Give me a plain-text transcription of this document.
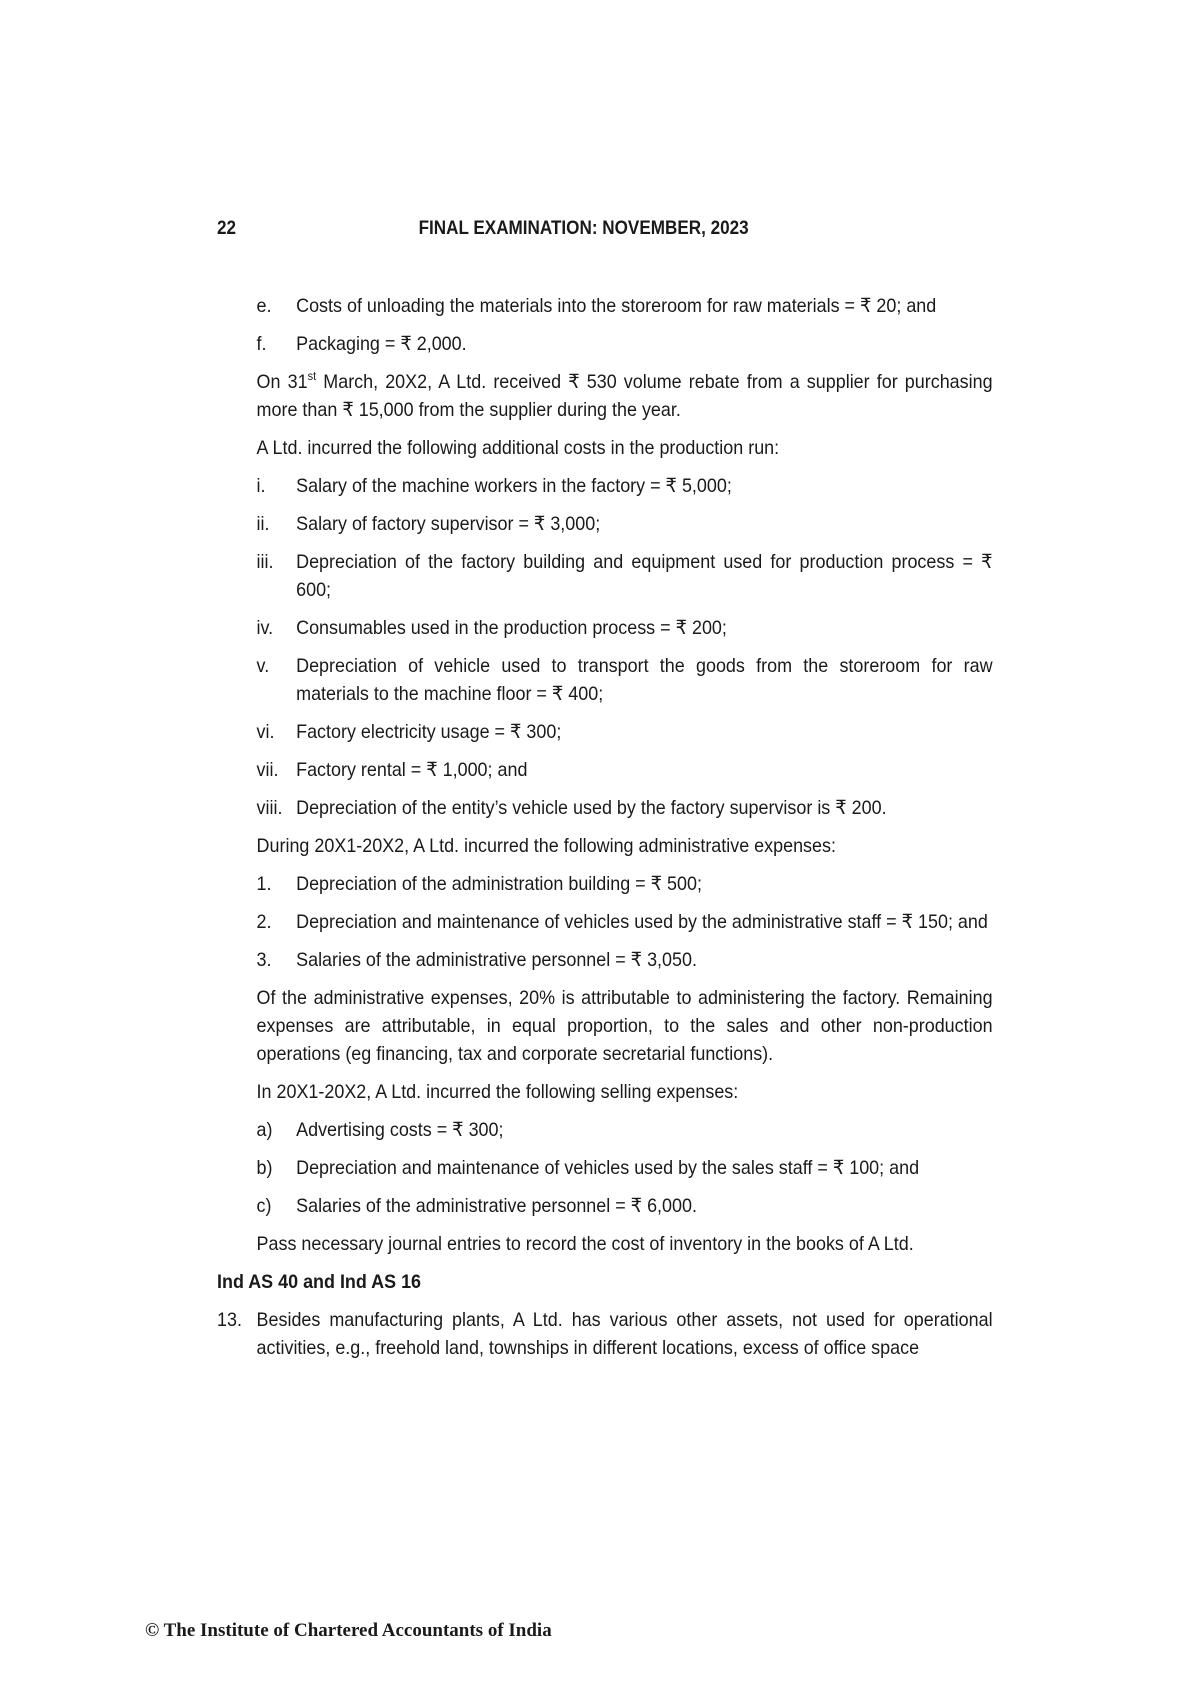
22	FINAL EXAMINATION: NOVEMBER, 2023
e.	Costs of unloading the materials into the storeroom for raw materials = ₹ 20; and
f.	Packaging = ₹ 2,000.
On 31st March, 20X2, A Ltd. received ₹ 530 volume rebate from a supplier for purchasing more than ₹ 15,000 from the supplier during the year.
A Ltd. incurred the following additional costs in the production run:
i.	Salary of the machine workers in the factory = ₹ 5,000;
ii.	Salary of factory supervisor = ₹ 3,000;
iii.	Depreciation of the factory building and equipment used for production process = ₹ 600;
iv.	Consumables used in the production process = ₹ 200;
v.	Depreciation of vehicle used to transport the goods from the storeroom for raw materials to the machine floor = ₹ 400;
vi.	Factory electricity usage = ₹ 300;
vii. Factory rental = ₹ 1,000; and
viii. Depreciation of the entity’s vehicle used by the factory supervisor is ₹ 200.
During 20X1-20X2, A Ltd. incurred the following administrative expenses:
1.	Depreciation of the administration building = ₹ 500;
2.	Depreciation and maintenance of vehicles used by the administrative staff = ₹ 150; and
3.	Salaries of the administrative personnel = ₹ 3,050.
Of the administrative expenses, 20% is attributable to administering the factory. Remaining expenses are attributable, in equal proportion, to the sales and other non-production operations (eg financing, tax and corporate secretarial functions).
In 20X1-20X2, A Ltd. incurred the following selling expenses:
a)	Advertising costs = ₹ 300;
b)	Depreciation and maintenance of vehicles used by the sales staff = ₹ 100; and
c)	Salaries of the administrative personnel = ₹ 6,000.
Pass necessary journal entries to record the cost of inventory in the books of A Ltd.
Ind AS 40 and Ind AS 16
13. Besides manufacturing plants, A Ltd. has various other assets, not used for operational activities, e.g., freehold land, townships in different locations, excess of office space
© The Institute of Chartered Accountants of India
